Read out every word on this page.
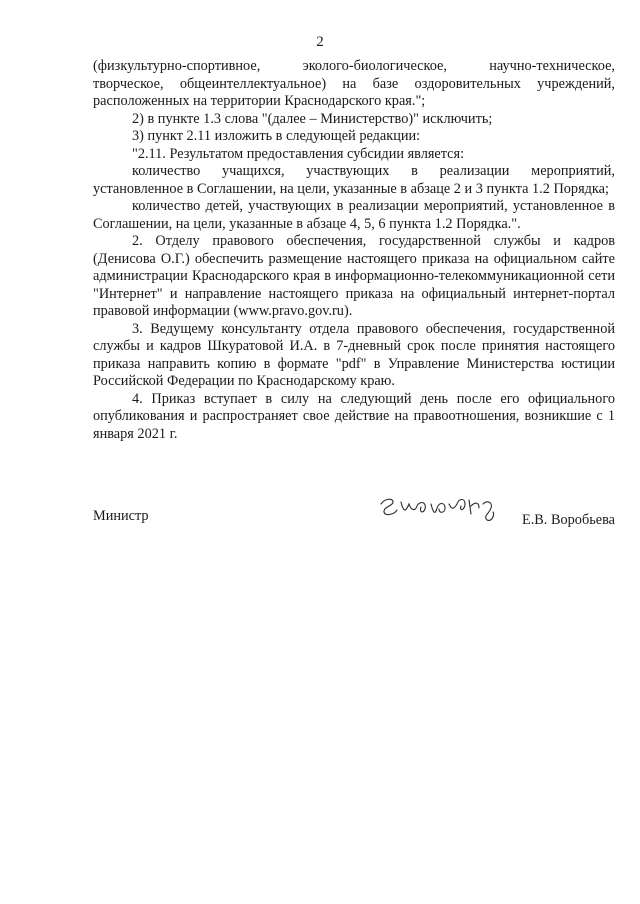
2

(физкультурно-спортивное, эколого-биологическое, научно-техническое,

творческое, общеинтеллектуальное) на базе оздоровительных учреждений,

расположенных на территории Краснодарского края.";

2) в пункте 1.3 слова "(далее – Министерство)" исключить;

3) пункт 2.11 изложить в следующей редакции:

"2.11. Результатом предоставления субсидии является:

количество учащихся, участвующих в реализации мероприятий, установленное в Соглашении, на цели, указанные в абзаце 2 и 3 пункта 1.2 Порядка;

количество детей, участвующих в реализации мероприятий, установленное в Соглашении, на цели, указанные в абзаце 4, 5, 6 пункта 1.2 Порядка.".

2. Отделу правового обеспечения, государственной службы и кадров (Денисова О.Г.) обеспечить размещение настоящего приказа на официальном сайте администрации Краснодарского края в информационно-телекоммуникационной сети "Интернет" и направление настоящего приказа на официальный интернет-портал правовой информации (www.pravo.gov.ru).

3. Ведущему консультанту отдела правового обеспечения, государственной службы и кадров Шкуратовой И.А. в 7-дневный срок после принятия настоящего приказа направить копию в формате "pdf" в Управление Министерства юстиции Российской Федерации по Краснодарскому краю.

4. Приказ вступает в силу на следующий день после его официального опубликования и распространяет свое действие на правоотношения, возникшие с 1 января 2021 г.

Министр	Е.В. Воробьева
